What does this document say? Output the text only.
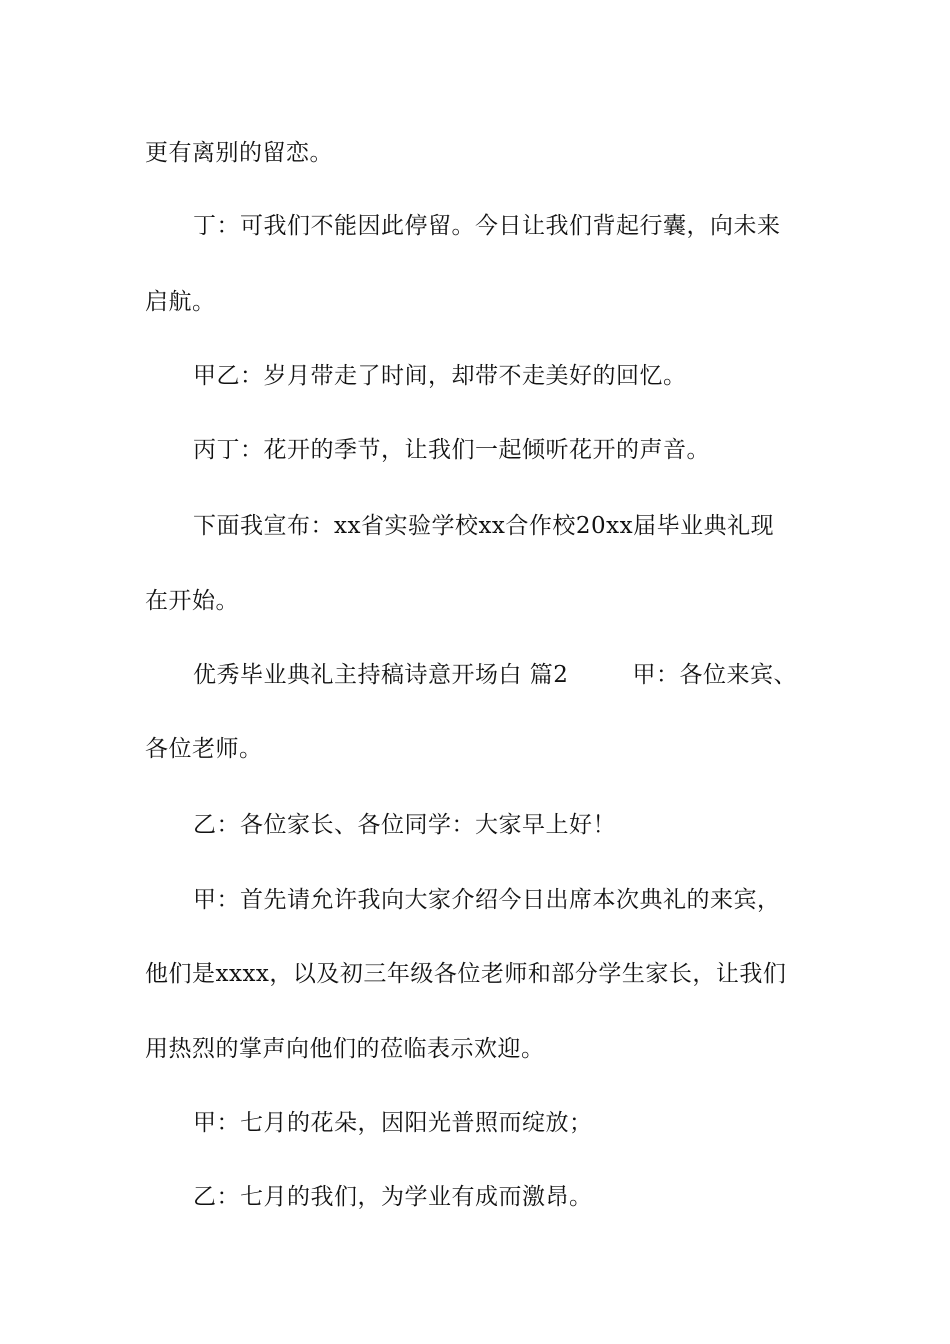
更有离别的留恋。
丁：可我们不能因此停留。今日让我们背起行囊，向未来
启航。
甲乙：岁月带走了时间，却带不走美好的回忆。
丙丁：花开的季节，让我们一起倾听花开的声音。
下面我宣布：xx省实验学校xx合作校20xx届毕业典礼现
在开始。
优秀毕业典礼主持稿诗意开场白 篇2	甲：各位来宾、
各位老师。
乙：各位家长、各位同学：大家早上好！
甲：首先请允许我向大家介绍今日出席本次典礼的来宾，
他们是xxxx，以及初三年级各位老师和部分学生家长，让我们
用热烈的掌声向他们的莅临表示欢迎。
甲：七月的花朵，因阳光普照而绽放；
乙：七月的我们，为学业有成而激昂。
